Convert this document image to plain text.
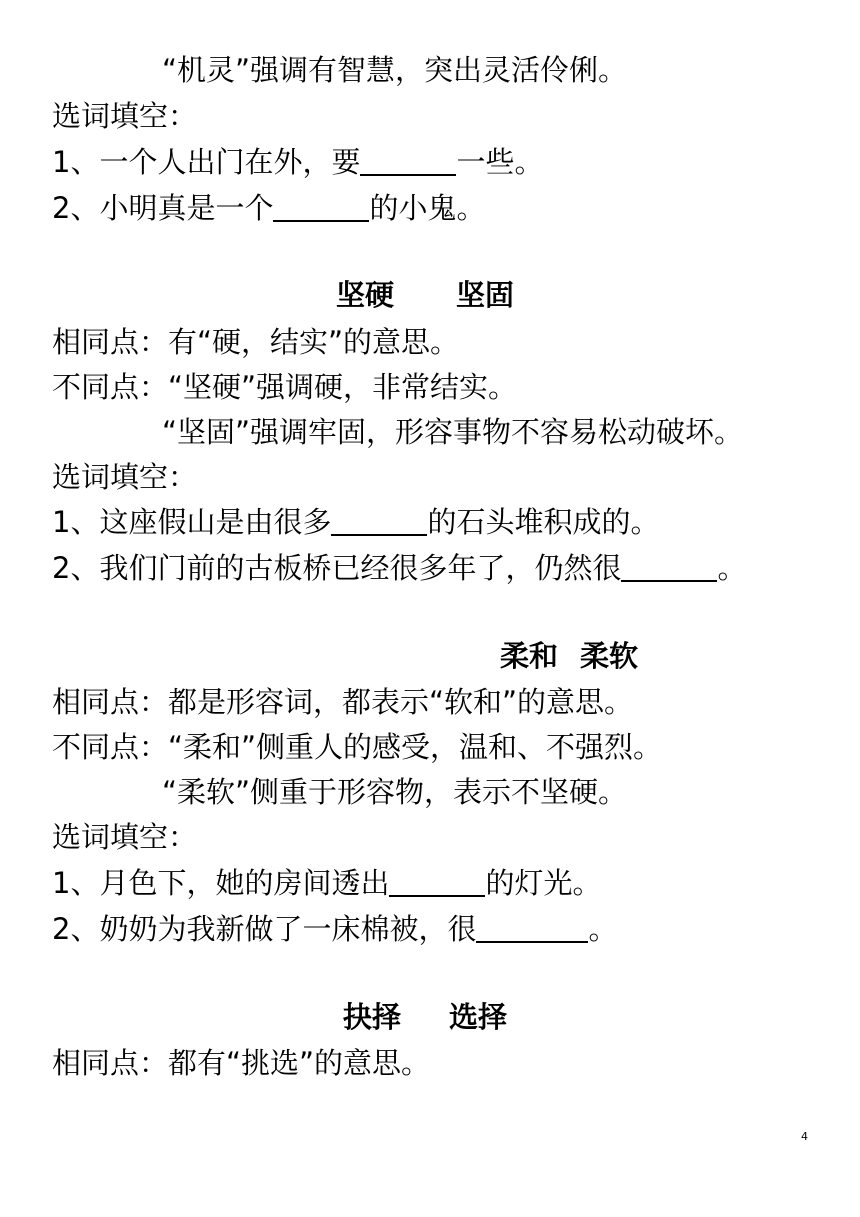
“机灵”强调有智慧，突出灵活伶俐。
选词填空：
1、一个人出门在外，要	一些。
2、小明真是一个	的小鬼。
坚硬 坚固
相同点：有“硬，结实”的意思。
不同点：“坚硬”强调硬，非常结实。
“坚固”强调牢固，形容事物不容易松动破坏。
选词填空：
1、这座假山是由很多	的石头堆积成的。
2、我们门前的古板桥已经很多年了，仍然很	。
柔和 柔软
相同点：都是形容词，都表示“软和”的意思。
不同点：“柔和”侧重人的感受，温和、不强烈。
“柔软”侧重于形容物，表示不坚硬。
选词填空：
1、月色下，她的房间透出	的灯光。
2、奶奶为我新做了一床棉被，很	。
抉择 选择
相同点：都有“挑选”的意思。
4
